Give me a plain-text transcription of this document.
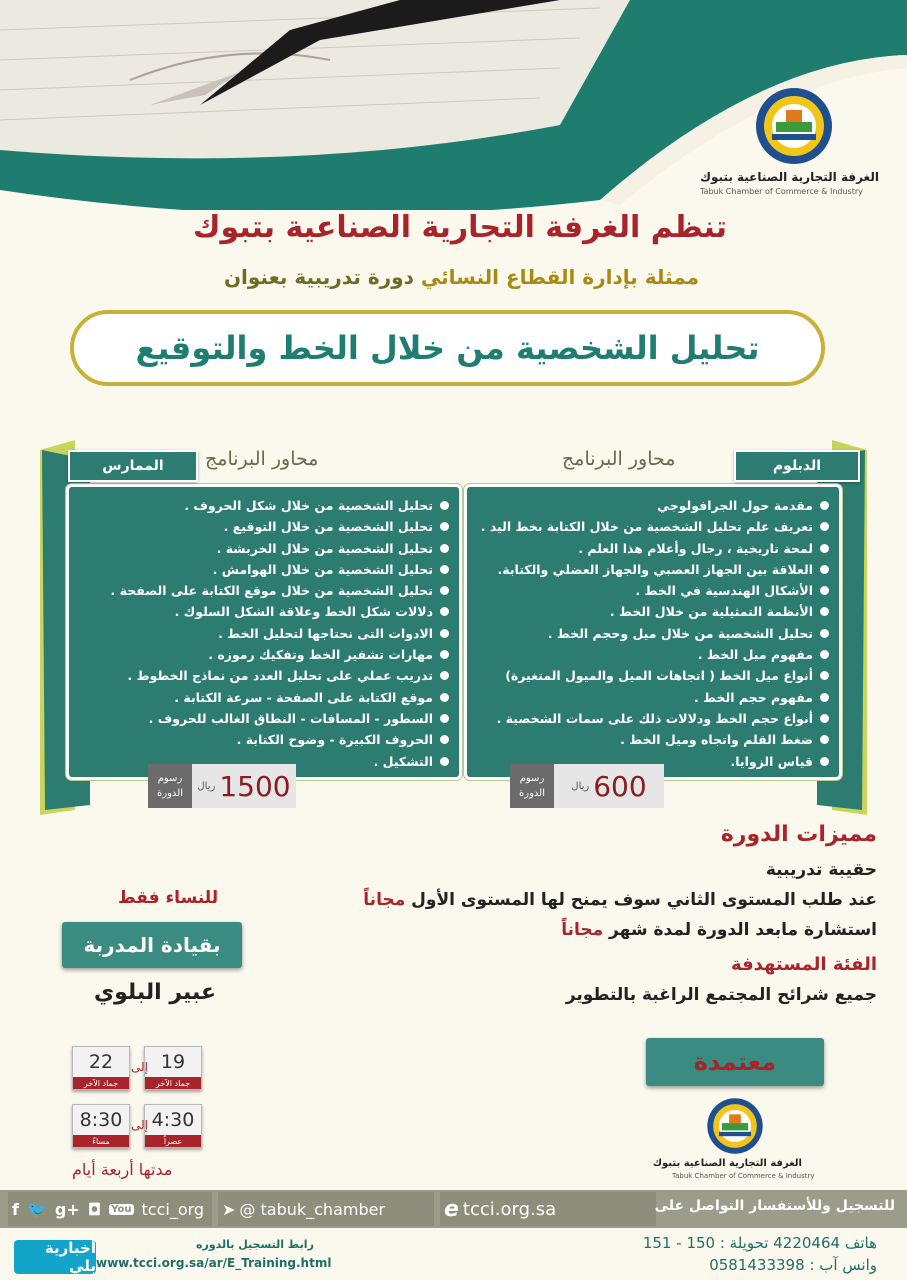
الغرفة التجارية الصناعية بتبوك
Tabuk Chamber of Commerce & Industry
تنظم الغرفة التجارية الصناعية بتبوك
ممثلة بإدارة القطاع النسائي دورة تدريبية بعنوان
تحليل الشخصية من خلال الخط والتوقيع
محاور البرنامج
تحليل الشخصية من خلال شكل الحروف .
تحليل الشخصية من خلال التوقيع .
تحليل الشخصية من خلال الخربشة .
تحليل الشخصية من خلال الهوامش .
تحليل الشخصية من خلال موقع الكتابة على الصفحة .
دلالات شكل الخط وعلاقة الشكل السلوك .
الادوات التى نحتاجها لتحليل الخط .
مهارات تشفير الخط وتفكيك رموزه .
تدريب عملي على تحليل العدد من نماذج الخطوط .
موقع الكتابة على الصفحة - سرعة الكتابة .
السطور - المسافات - النطاق الغالب للحروف .
الحروف الكبيرة - وضوح الكتابة .
التشكيل .
الممارس
رسوم
الدورة
ريال 1500
محاور البرنامج
مقدمة حول الجرافولوجي
تعريف علم تحليل الشخصية من خلال الكتابة بخط اليد .
لمحة تاريخية ، رجال وأعلام هذا العلم .
العلاقة بين الجهاز العصبي والجهاز العضلي والكتابة.
الأشكال الهندسية في الخط .
الأنظمة التمثيلية من خلال الخط .
تحليل الشخصية من خلال ميل وحجم الخط .
مفهوم ميل الخط .
أنواع ميل الخط ( اتجاهات الميل والميول المتغيرة)
مفهوم حجم الخط .
أنواع حجم الخط ودلالات ذلك على سمات الشخصية .
ضغط القلم واتجاه وميل الخط .
قياس الزوايا.
الدبلوم
رسوم
الدورة
ريال 600
مميزات الدورة
حقيبة تدريبية
عند طلب المستوى الثاني سوف يمنح لها المستوى الأول مجاناً
استشارة مابعد الدورة لمدة شهر مجاناً
الفئة المستهدفة
جميع شرائح المجتمع الراغبة بالتطوير
للنساء فقط
بقيادة المدربة
عبير البلوي
19
جماد الآخر
إلى
22
جماد الآخر
4:30
عصراً
إلى
8:30
مساءً
مدتها أربعة أيام
معتمدة
الغرفة التجارية الصناعية بتبوك
Tabuk Chamber of Commerce & Industry
f 🐦 g+ ◘ You tcci_org ➤ @ tabuk_chamber	e tcci.org.sa	للتسجيل وللأستفسار التواصل على
أخبارية بلي
رابط التسجيل بالدوره
www.tcci.org.sa/ar/E_Training.html
هاتف 4220464 تحويلة : 150 - 151
وانس آب : 0581433398
